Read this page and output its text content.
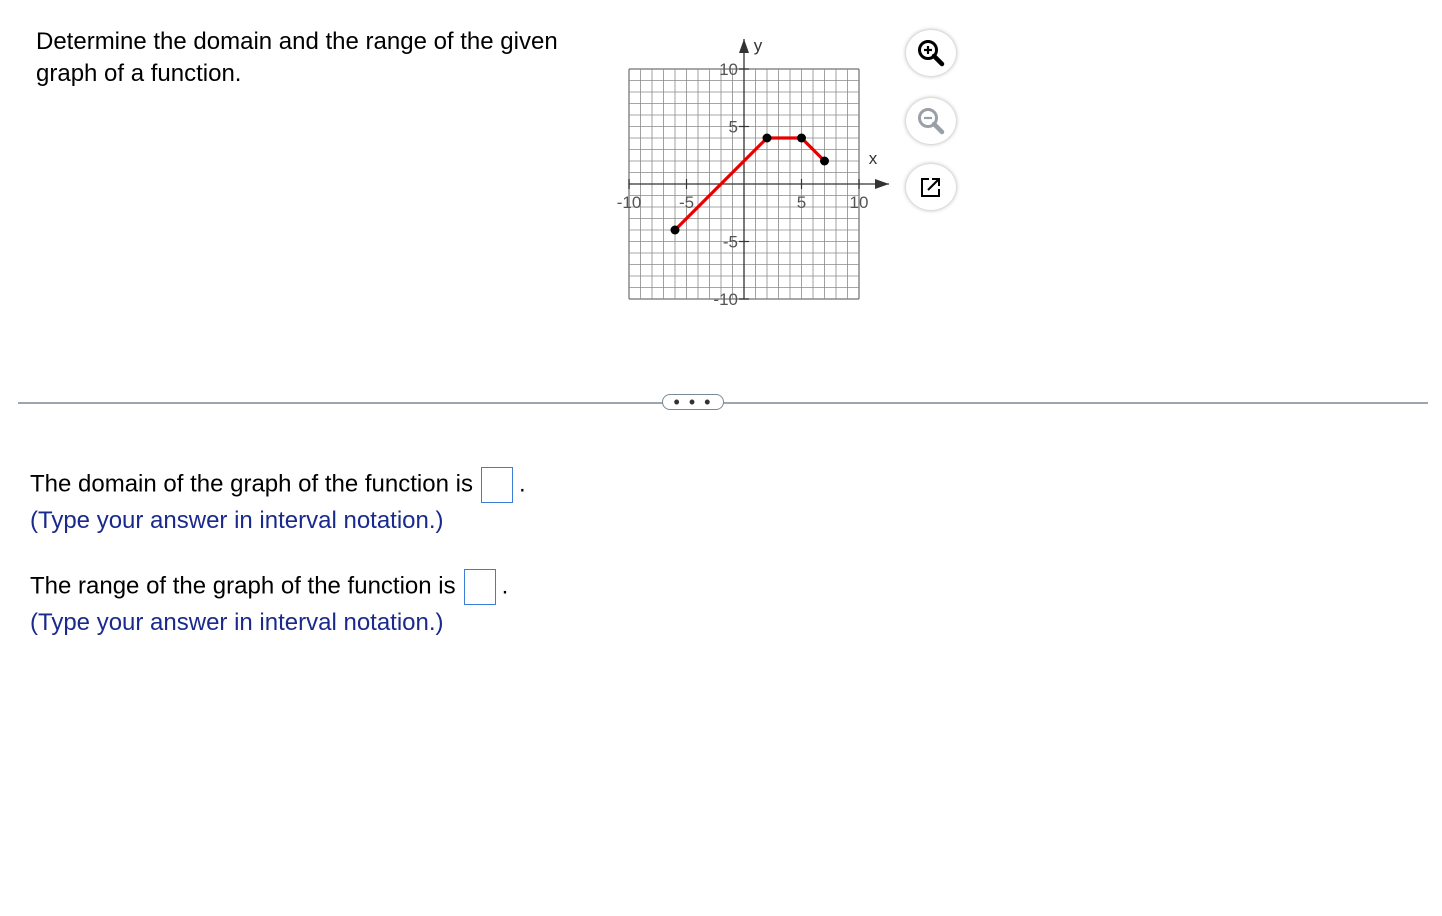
Determine the domain and the range of the given graph of a function.
-10 -5	5	10
-10
-5
5
10
x
y
• • •
The domain of the graph of the function is .
(Type your answer in interval notation.)
The range of the graph of the function is .
(Type your answer in interval notation.)
